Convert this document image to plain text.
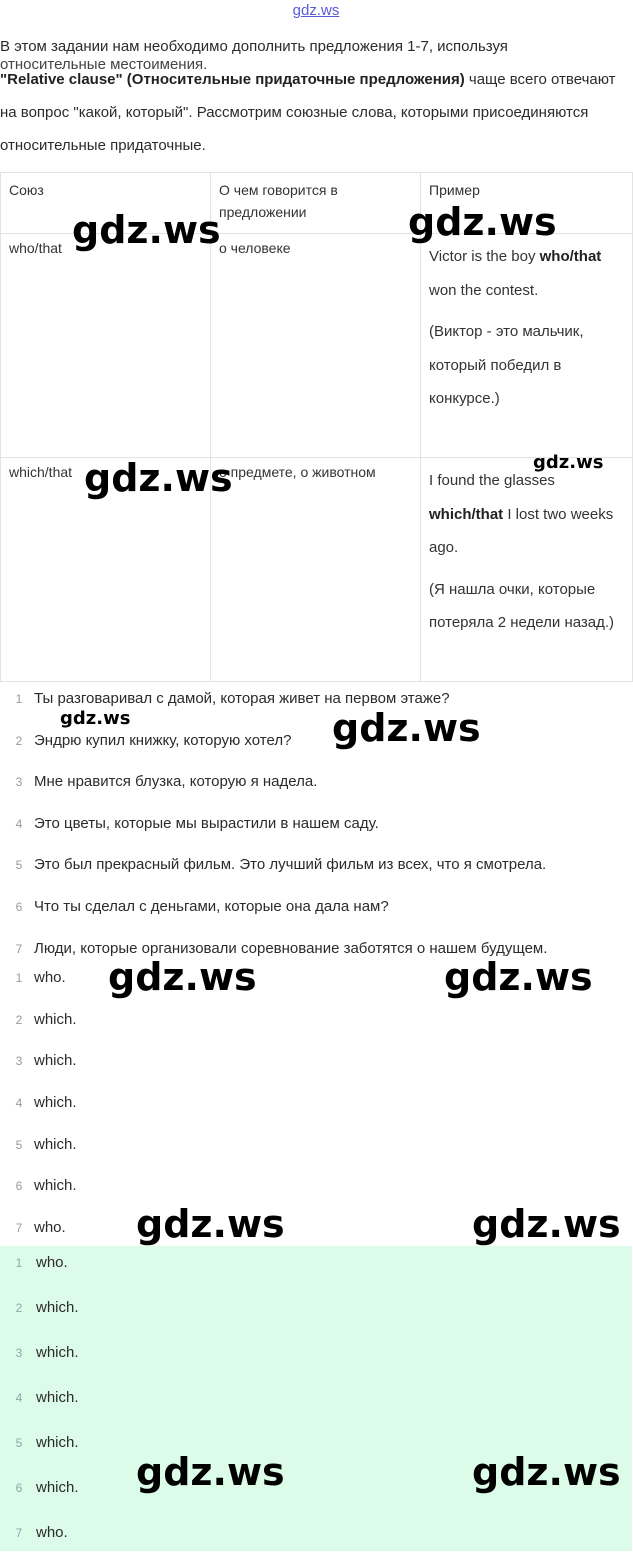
gdz.ws

В этом задании нам необходимо дополнить предложения 1-7, используя

относительные местоимения.

"Relative clause" (Относительные придаточные предложения) чаще всего отвечают на вопрос "какой, который". Рассмотрим союзные слова, которыми присоединяются относительные придаточные.

Союз	О чем говорится в предложении	Пример
who/that	о человеке	Victor is the boy who/that won the contest.

(Виктор - это мальчик, который победил в конкурсе.)

which/that	о предмете, о животном	I found the glasses which/that I lost two weeks ago.

(Я нашла очки, которые потеряла 2 недели назад.)

1 Ты разговаривал с дамой, которая живет на первом этаже?
2 Эндрю купил книжку, которую хотел?
3 Мне нравится блузка, которую я надела.
4 Это цветы, которые мы вырастили в нашем саду.
5 Это был прекрасный фильм. Это лучший фильм из всех, что я смотрела.
6 Что ты сделал с деньгами, которые она дала нам?
7 Люди, которые организовали соревнование заботятся о нашем будущем.
1 who.
2 which.
3 which.
4 which.
5 which.
6 which.
7 who.
1 who.
2 which.
3 which.
4 which.
5 which.
6 which.
7 who.
gdz.ws	gdz.ws
gdz.ws
gdz.ws
gdz.ws	gdz.ws
gdz.ws	gdz.ws
gdz.ws	gdz.ws
gdz.ws	gdz.ws
